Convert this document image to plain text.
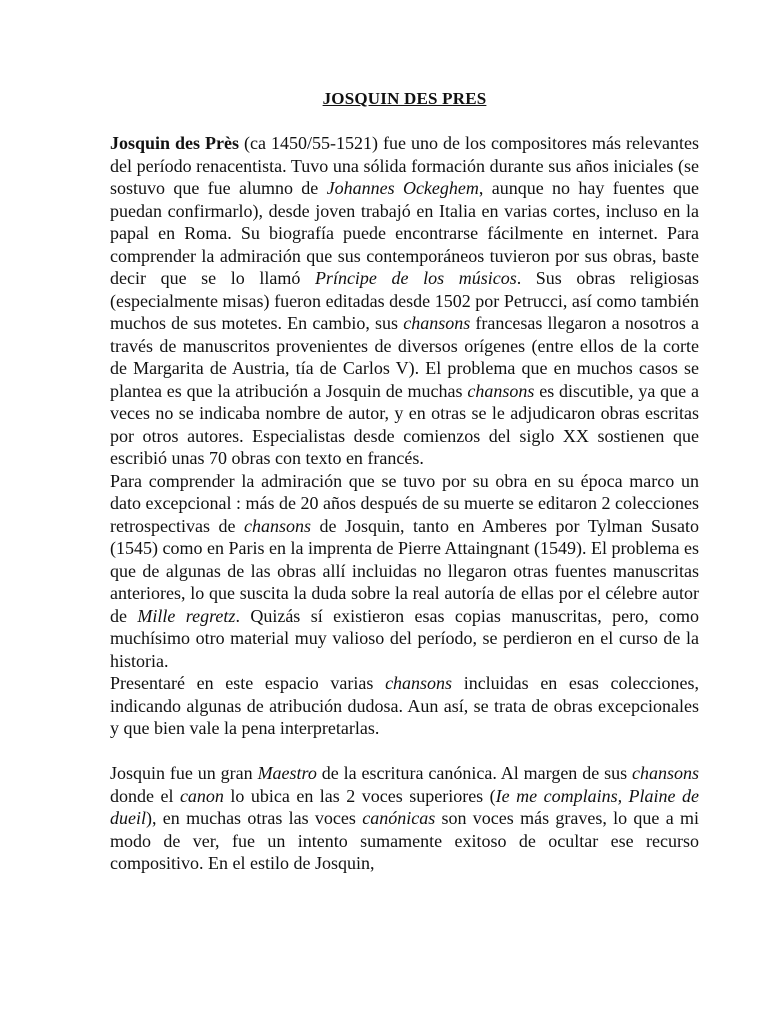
JOSQUIN DES PRES

Josquin des Près (ca 1450/55-1521) fue uno de los compositores más relevantes del período renacentista. Tuvo una sólida formación durante sus años iniciales (se sostuvo que fue alumno de Johannes Ockeghem, aunque no hay fuentes que puedan confirmarlo), desde joven trabajó en Italia en varias cortes, incluso en la papal en Roma. Su biografía puede encontrarse fácilmente en internet. Para comprender la admiración que sus contemporáneos tuvieron por sus obras, baste decir que se lo llamó Príncipe de los músicos. Sus obras religiosas (especialmente misas) fueron editadas desde 1502 por Petrucci, así como también muchos de sus motetes. En cambio, sus chansons francesas llegaron a nosotros a través de manuscritos provenientes de diversos orígenes (entre ellos de la corte de Margarita de Austria, tía de Carlos V). El problema que en muchos casos se plantea es que la atribución a Josquin de muchas chansons es discutible, ya que a veces no se indicaba nombre de autor, y en otras se le adjudicaron obras escritas por otros autores. Especialistas desde comienzos del siglo XX sostienen que escribió unas 70 obras con texto en francés.

Para comprender la admiración que se tuvo por su obra en su época marco un dato excepcional : más de 20 años después de su muerte se editaron 2 colecciones retrospectivas de chansons de Josquin, tanto en Amberes por Tylman Susato (1545) como en Paris en la imprenta de Pierre Attaingnant (1549). El problema es que de algunas de las obras allí incluidas no llegaron otras fuentes manuscritas anteriores, lo que suscita la duda sobre la real autoría de ellas por el célebre autor de Mille regretz. Quizás sí existieron esas copias manuscritas, pero, como muchísimo otro material muy valioso del período, se perdieron en el curso de la historia.

Presentaré en este espacio varias chansons incluidas en esas colecciones, indicando algunas de atribución dudosa. Aun así, se trata de obras excepcionales y que bien vale la pena interpretarlas.

Josquin fue un gran Maestro de la escritura canónica. Al margen de sus chansons donde el canon lo ubica en las 2 voces superiores (Ie me complains, Plaine de dueil), en muchas otras las voces canónicas son voces más graves, lo que a mi modo de ver, fue un intento sumamente exitoso de ocultar ese recurso compositivo. En el estilo de Josquin,
